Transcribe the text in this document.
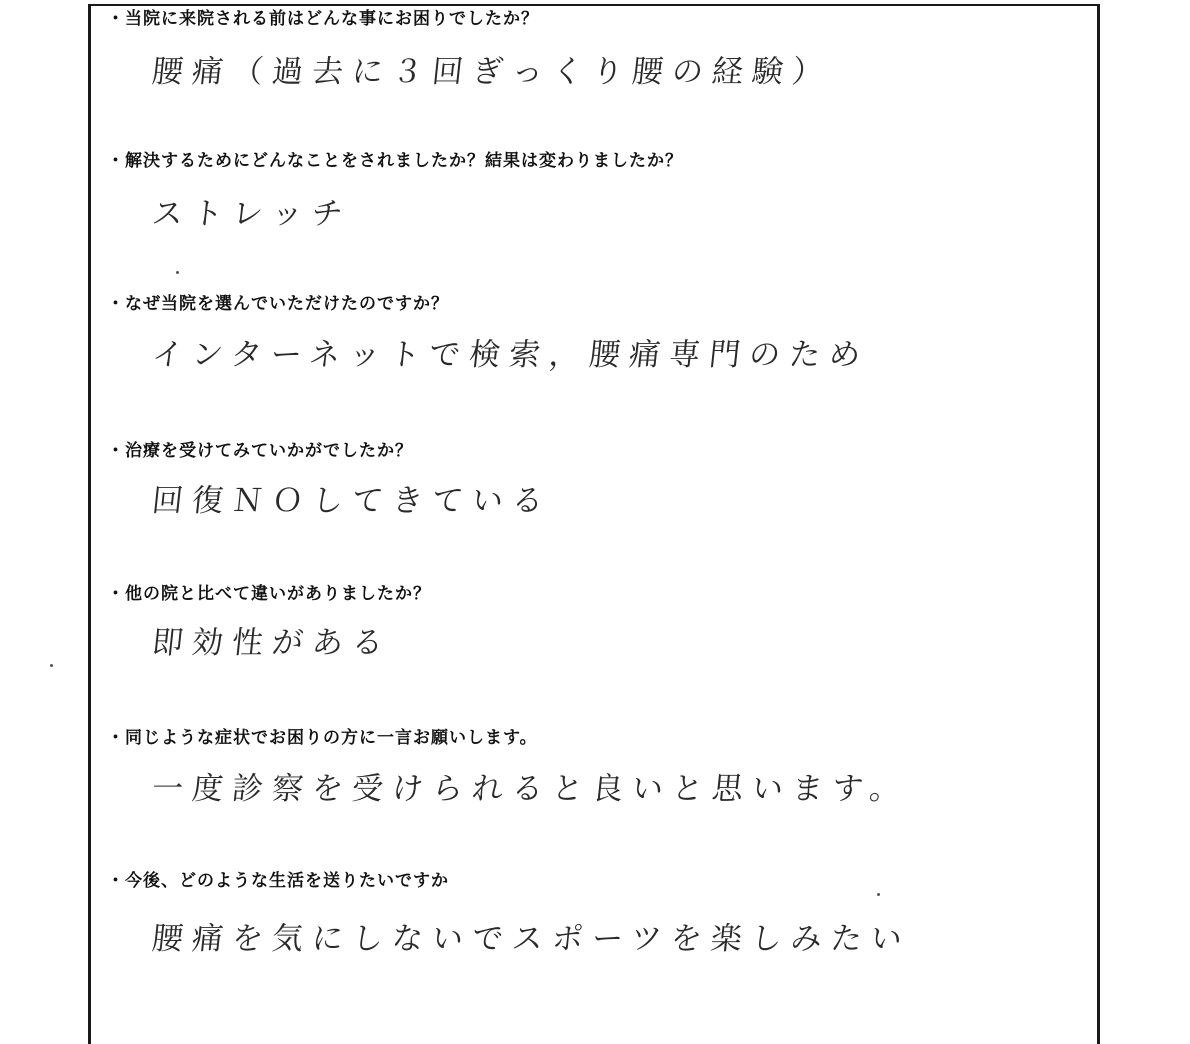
・当院に来院される前はどんな事にお困りでしたか？
腰痛（過去に３回ぎっくり腰の経験）
・解決するためにどんなことをされましたか？結果は変わりましたか？
ストレッチ
・なぜ当院を選んでいただけたのですか？
インターネットで検索，腰痛専門のため
・治療を受けてみていかがでしたか？
回復ＮＯしてきている
・他の院と比べて違いがありましたか？
即効性がある
・同じような症状でお困りの方に一言お願いします。
一度診察を受けられると良いと思います。
・今後、どのような生活を送りたいですか
腰痛を気にしないでスポーツを楽しみたい
